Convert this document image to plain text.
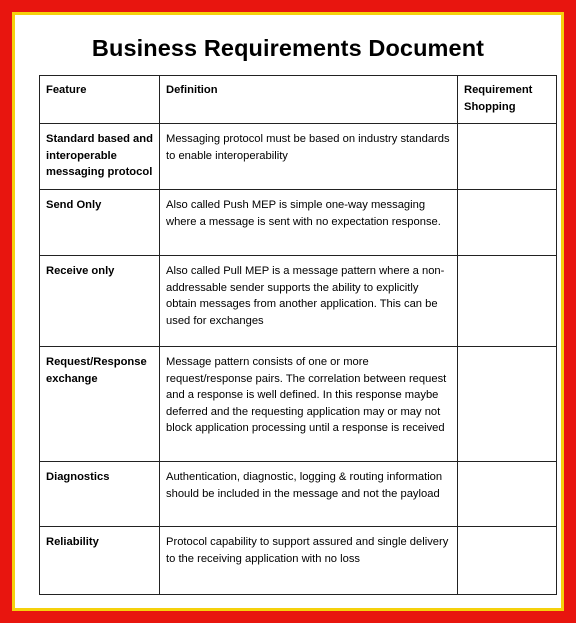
Business Requirements Document
Feature	Definition	Requirement Shopping
Standard based and interoperable messaging protocol	Messaging protocol must be based on industry standards to enable interoperability	
Send Only	Also called Push MEP is simple one-way messaging where a message is sent with no expectation response.	
Receive only	Also called Pull MEP is a message pattern where a non-addressable sender supports the ability to explicitly obtain messages from another application. This can be used for exchanges	
Request/Response exchange	Message pattern consists of one or more request/response pairs. The correlation between request and a response is well defined. In this response maybe deferred and the requesting application may or may not block application processing until a response is received	
Diagnostics	Authentication, diagnostic, logging & routing information should be included in the message and not the payload	
Reliability	Protocol capability to support assured and single delivery to the receiving application with no loss	
